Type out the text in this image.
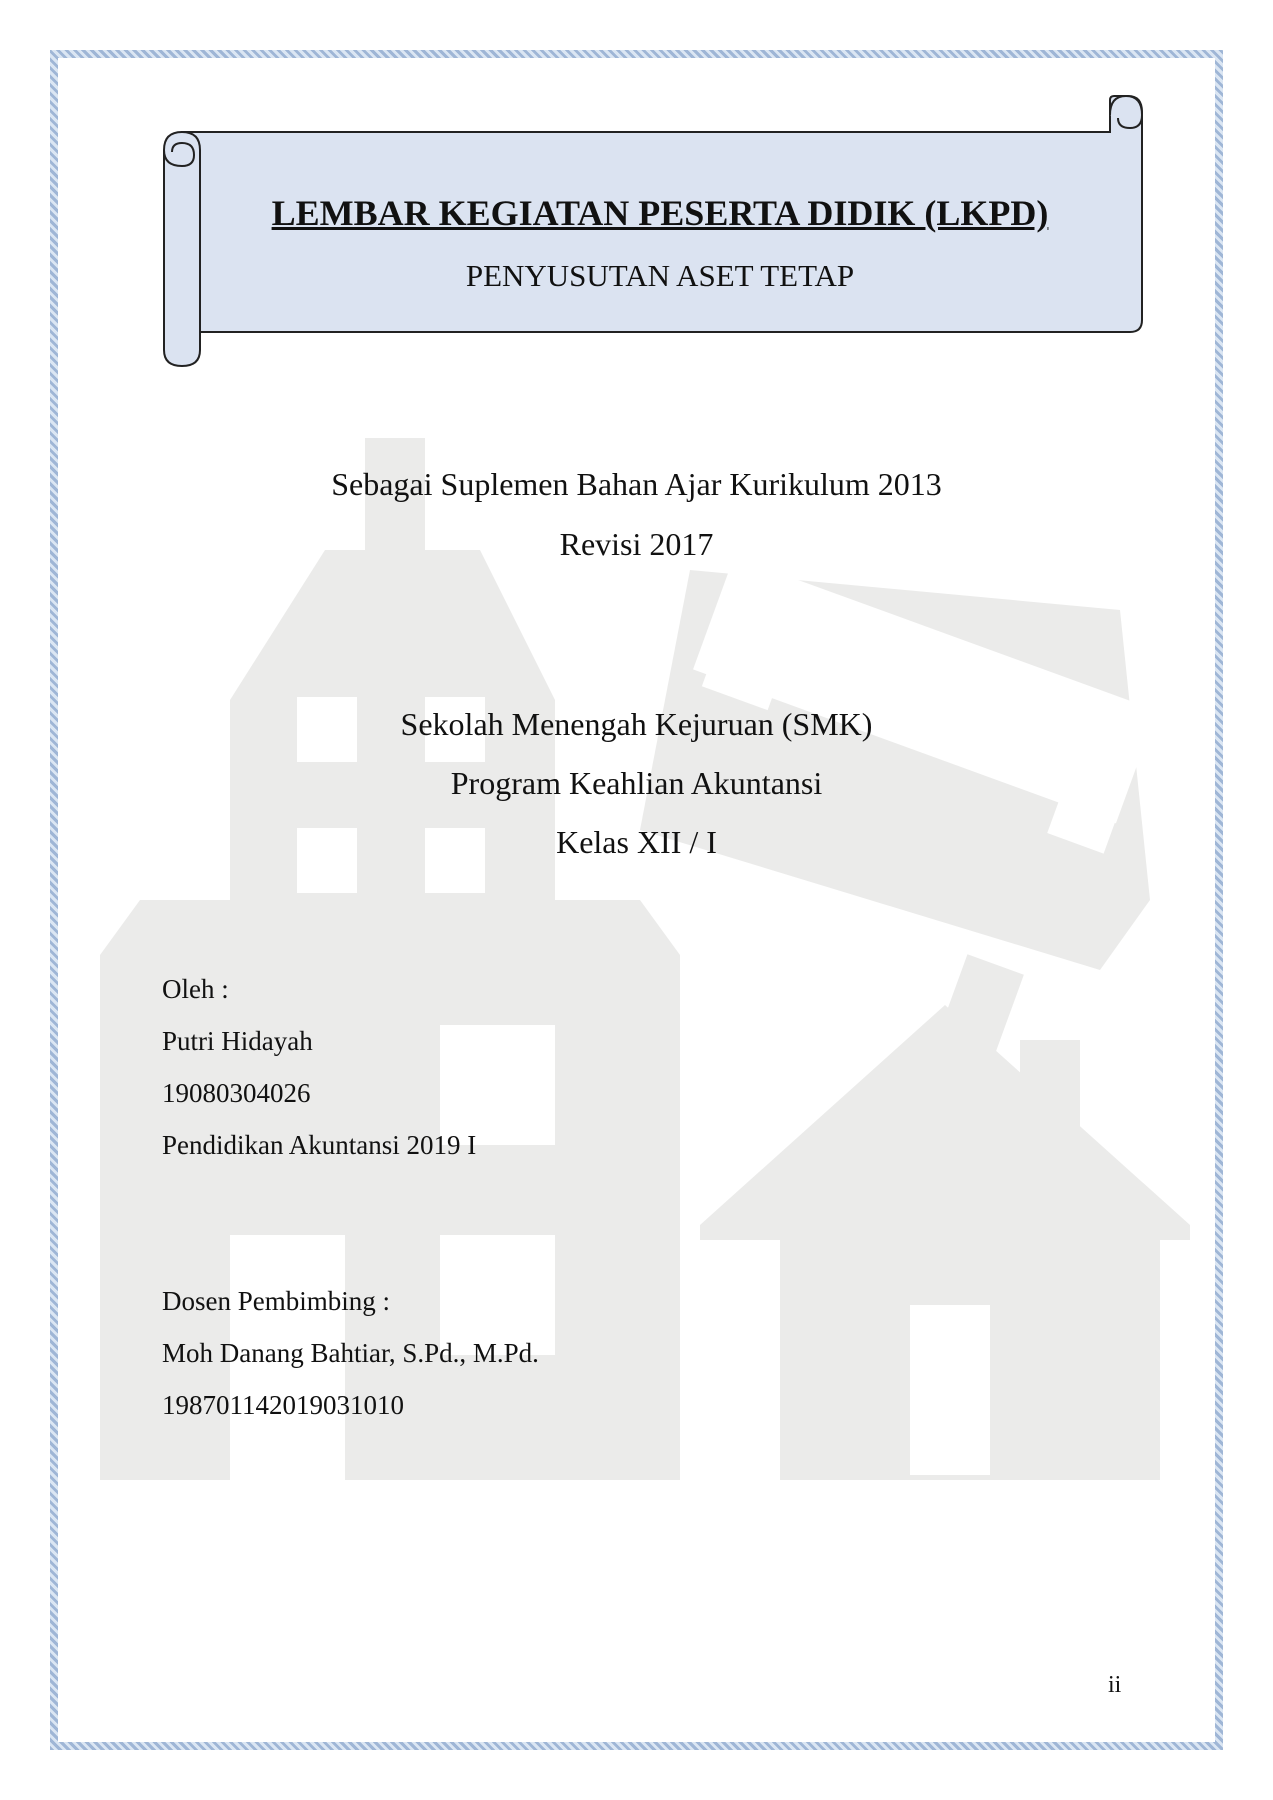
LEMBAR KEGIATAN PESERTA DIDIK (LKPD)
PENYUSUTAN ASET TETAP
Sebagai Suplemen Bahan Ajar Kurikulum 2013
Revisi 2017
Sekolah Menengah Kejuruan (SMK)
Program Keahlian Akuntansi
Kelas XII / I
Oleh :
Putri Hidayah
19080304026
Pendidikan Akuntansi 2019 I
Dosen Pembimbing :
Moh Danang Bahtiar, S.Pd., M.Pd.
198701142019031010
ii
